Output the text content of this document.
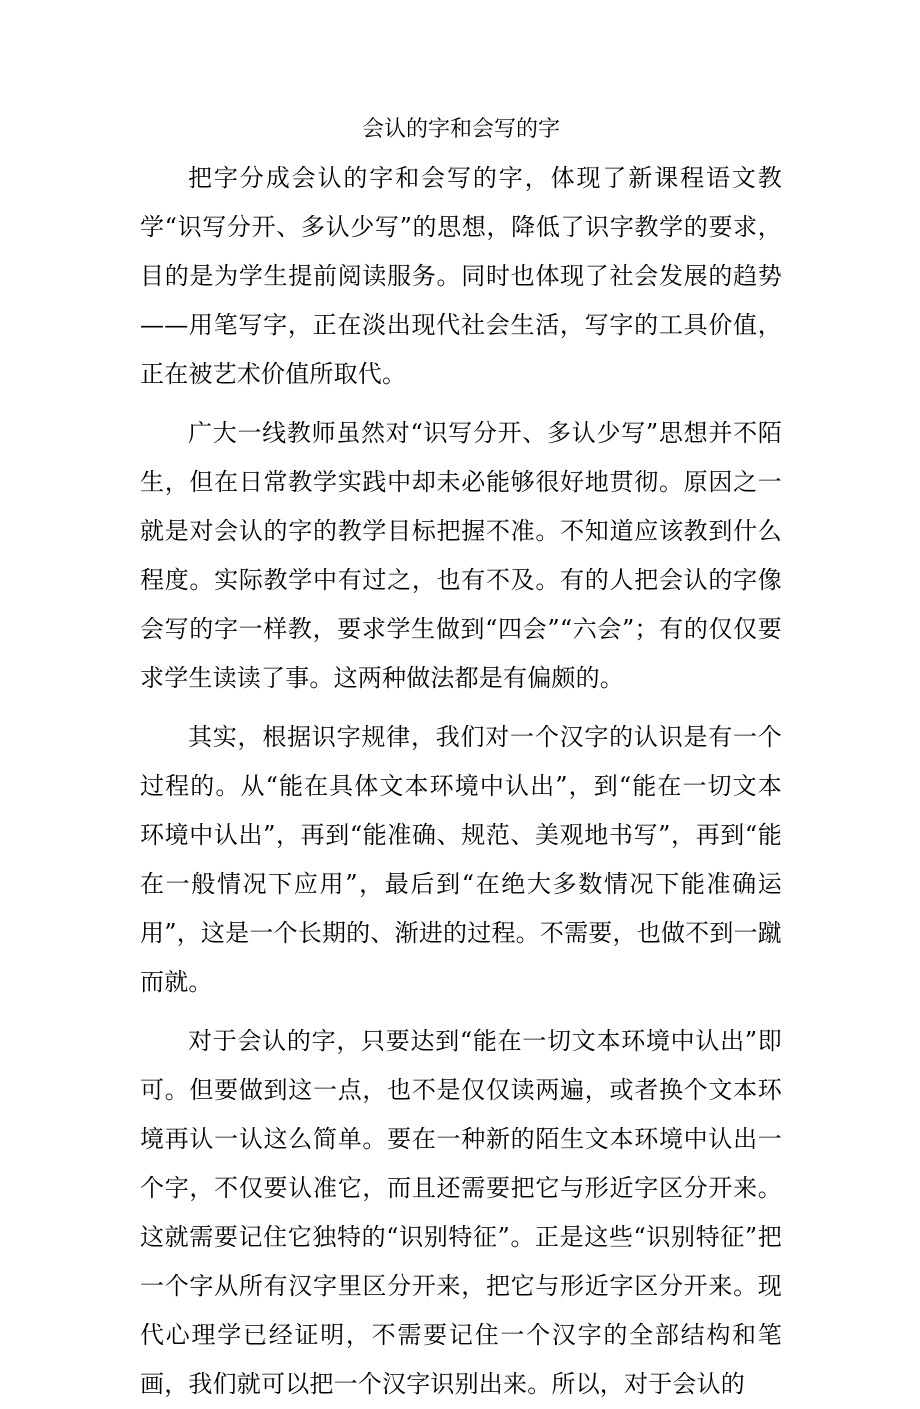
会认的字和会写的字

把字分成会认的字和会写的字，体现了新课程语文教学“识写分开、多认少写”的思想，降低了识字教学的要求，目的是为学生提前阅读服务。同时也体现了社会发展的趋势——用笔写字，正在淡出现代社会生活，写字的工具价值，正在被艺术价值所取代。

广大一线教师虽然对“识写分开、多认少写”思想并不陌生，但在日常教学实践中却未必能够很好地贯彻。原因之一就是对会认的字的教学目标把握不准。不知道应该教到什么程度。实际教学中有过之，也有不及。有的人把会认的字像会写的字一样教，要求学生做到“四会”“六会”；有的仅仅要求学生读读了事。这两种做法都是有偏颇的。

其实，根据识字规律，我们对一个汉字的认识是有一个过程的。从“能在具体文本环境中认出”，到“能在一切文本环境中认出”，再到“能准确、规范、美观地书写”，再到“能在一般情况下应用”，最后到“在绝大多数情况下能准确运用”，这是一个长期的、渐进的过程。不需要，也做不到一蹴而就。

对于会认的字，只要达到“能在一切文本环境中认出”即可。但要做到这一点，也不是仅仅读两遍，或者换个文本环境再认一认这么简单。要在一种新的陌生文本环境中认出一个字，不仅要认准它，而且还需要把它与形近字区分开来。这就需要记住它独特的“识别特征”。正是这些“识别特征”把一个字从所有汉字里区分开来，把它与形近字区分开来。现代心理学已经证明，不需要记住一个汉字的全部结构和笔画，我们就可以把一个汉字识别出来。所以，对于会认的
